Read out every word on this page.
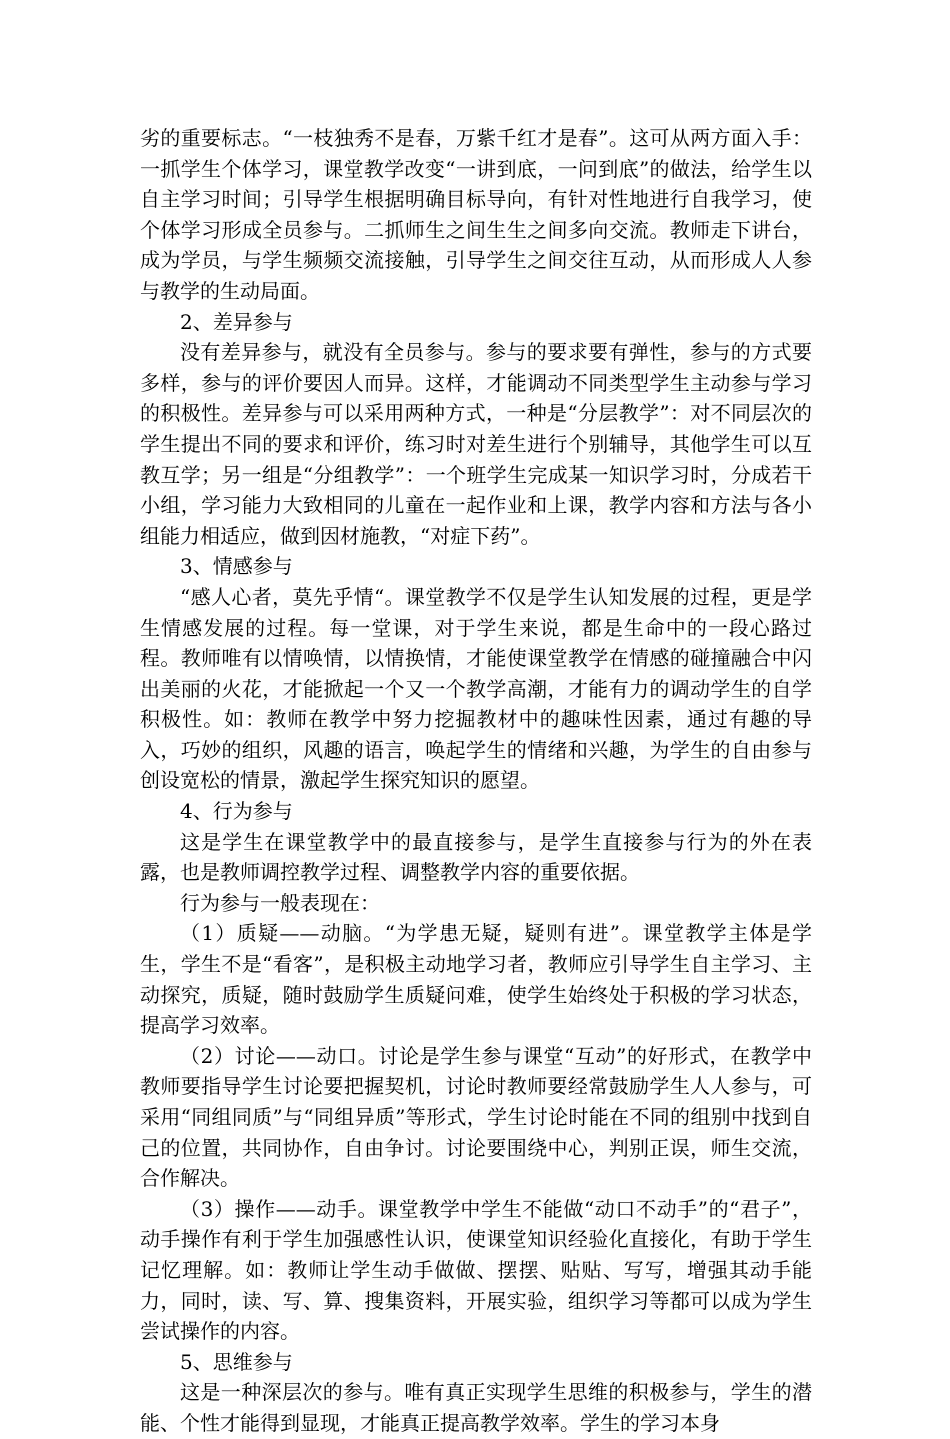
劣的重要标志。“一枝独秀不是春，万紫千红才是春”。这可从两方面入手：一抓学生个体学习，课堂教学改变“一讲到底，一问到底”的做法，给学生以自主学习时间；引导学生根据明确目标导向，有针对性地进行自我学习，使个体学习形成全员参与。二抓师生之间生生之间多向交流。教师走下讲台，成为学员，与学生频频交流接触，引导学生之间交往互动，从而形成人人参与教学的生动局面。

2、差异参与

没有差异参与，就没有全员参与。参与的要求要有弹性，参与的方式要多样，参与的评价要因人而异。这样，才能调动不同类型学生主动参与学习的积极性。差异参与可以采用两种方式，一种是“分层教学”：对不同层次的学生提出不同的要求和评价，练习时对差生进行个别辅导，其他学生可以互教互学；另一组是“分组教学”：一个班学生完成某一知识学习时，分成若干小组，学习能力大致相同的儿童在一起作业和上课，教学内容和方法与各小组能力相适应，做到因材施教，“对症下药”。

3、情感参与

“感人心者，莫先乎情“。课堂教学不仅是学生认知发展的过程，更是学生情感发展的过程。每一堂课，对于学生来说，都是生命中的一段心路过程。教师唯有以情唤情，以情换情，才能使课堂教学在情感的碰撞融合中闪出美丽的火花，才能掀起一个又一个教学高潮，才能有力的调动学生的自学积极性。如：教师在教学中努力挖掘教材中的趣味性因素，通过有趣的导入，巧妙的组织，风趣的语言，唤起学生的情绪和兴趣，为学生的自由参与创设宽松的情景，激起学生探究知识的愿望。

4、行为参与

这是学生在课堂教学中的最直接参与，是学生直接参与行为的外在表露，也是教师调控教学过程、调整教学内容的重要依据。

行为参与一般表现在：

（1）质疑——动脑。“为学患无疑，疑则有进”。课堂教学主体是学生，学生不是“看客”，是积极主动地学习者，教师应引导学生自主学习、主动探究，质疑，随时鼓励学生质疑问难，使学生始终处于积极的学习状态，提高学习效率。

（2）讨论——动口。讨论是学生参与课堂“互动”的好形式，在教学中教师要指导学生讨论要把握契机，讨论时教师要经常鼓励学生人人参与，可采用“同组同质”与“同组异质”等形式，学生讨论时能在不同的组别中找到自己的位置，共同协作，自由争讨。讨论要围绕中心，判别正误，师生交流，合作解决。

（3）操作——动手。课堂教学中学生不能做“动口不动手”的“君子”，动手操作有利于学生加强感性认识，使课堂知识经验化直接化，有助于学生记忆理解。如：教师让学生动手做做、摆摆、贴贴、写写，增强其动手能力，同时，读、写、算、搜集资料，开展实验，组织学习等都可以成为学生尝试操作的内容。

5、思维参与

这是一种深层次的参与。唯有真正实现学生思维的积极参与，学生的潜能、个性才能得到显现，才能真正提高教学效率。学生的学习本身
